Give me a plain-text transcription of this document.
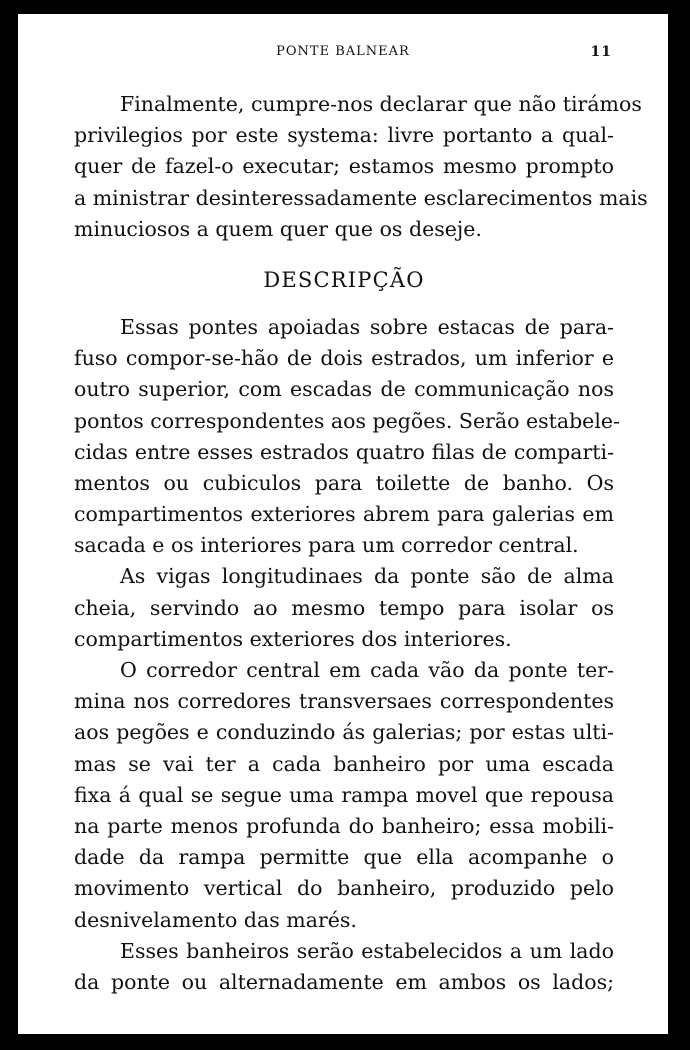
PONTE BALNEAR	11
Finalmente, cumpre-nos declarar que não tirámos
privilegios por este systema: livre portanto a qual-
quer de fazel-o executar; estamos mesmo prompto
a ministrar desinteressadamente esclarecimentos mais
minuciosos a quem quer que os deseje.
DESCRIPÇÃO
Essas pontes apoiadas sobre estacas de para-
fuso compor-se-hão de dois estrados, um inferior e
outro superior, com escadas de communicação nos
pontos correspondentes aos pegões. Serão estabele-
cidas entre esses estrados quatro filas de comparti-
mentos ou cubiculos para toilette de banho. Os
compartimentos exteriores abrem para galerias em
sacada e os interiores para um corredor central.
As vigas longitudinaes da ponte são de alma
cheia, servindo ao mesmo tempo para isolar os
compartimentos exteriores dos interiores.
O corredor central em cada vão da ponte ter-
mina nos corredores transversaes correspondentes
aos pegões e conduzindo ás galerias; por estas ulti-
mas se vai ter a cada banheiro por uma escada
fixa á qual se segue uma rampa movel que repousa
na parte menos profunda do banheiro; essa mobili-
dade da rampa permitte que ella acompanhe o
movimento vertical do banheiro, produzido pelo
desnivelamento das marés.
Esses banheiros serão estabelecidos a um lado
da ponte ou alternadamente em ambos os lados;
